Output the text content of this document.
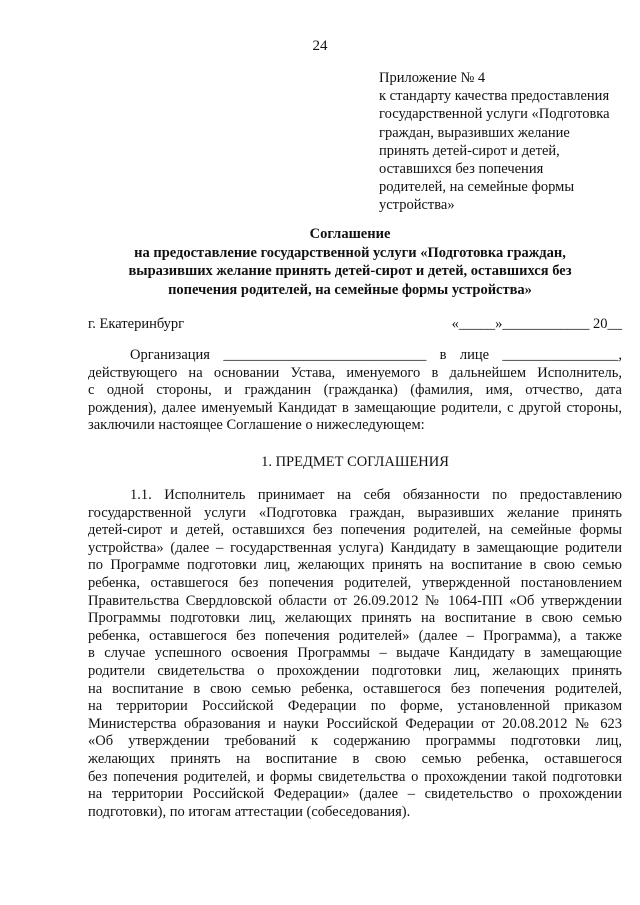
24
Приложение № 4
к стандарту качества предоставления
государственной услуги «Подготовка
граждан, выразивших желание
принять детей-сирот и детей,
оставшихся без попечения
родителей, на семейные формы
устройства»
Соглашение
на предоставление государственной услуги «Подготовка граждан,
выразивших желание принять детей-сирот и детей, оставшихся без
попечения родителей, на семейные формы устройства»
г. Екатеринбург	«_____»____________ 20__
Организация ____________________________ в лице ________________,
действующего на основании Устава, именуемого в дальнейшем Исполнитель,
с одной стороны, и гражданин (гражданка) (фамилия, имя, отчество, дата
рождения), далее именуемый Кандидат в замещающие родители, с другой стороны,
заключили настоящее Соглашение о нижеследующем:
1. ПРЕДМЕТ СОГЛАШЕНИЯ
1.1. Исполнитель принимает на себя обязанности по предоставлению
государственной услуги «Подготовка граждан, выразивших желание принять
детей-сирот и детей, оставшихся без попечения родителей, на семейные формы
устройства» (далее – государственная услуга) Кандидату в замещающие родители
по Программе подготовки лиц, желающих принять на воспитание в свою семью
ребенка, оставшегося без попечения родителей, утвержденной постановлением
Правительства Свердловской области от 26.09.2012 № 1064-ПП «Об утверждении
Программы подготовки лиц, желающих принять на воспитание в свою семью
ребенка, оставшегося без попечения родителей» (далее – Программа), а также
в случае успешного освоения Программы – выдаче Кандидату в замещающие
родители свидетельства о прохождении подготовки лиц, желающих принять
на воспитание в свою семью ребенка, оставшегося без попечения родителей,
на территории Российской Федерации по форме, установленной приказом
Министерства образования и науки Российской Федерации от 20.08.2012 № 623
«Об утверждении требований к содержанию программы подготовки лиц,
желающих принять на воспитание в свою семью ребенка, оставшегося
без попечения родителей, и формы свидетельства о прохождении такой подготовки
на территории Российской Федерации» (далее – свидетельство о прохождении
подготовки), по итогам аттестации (собеседования).
